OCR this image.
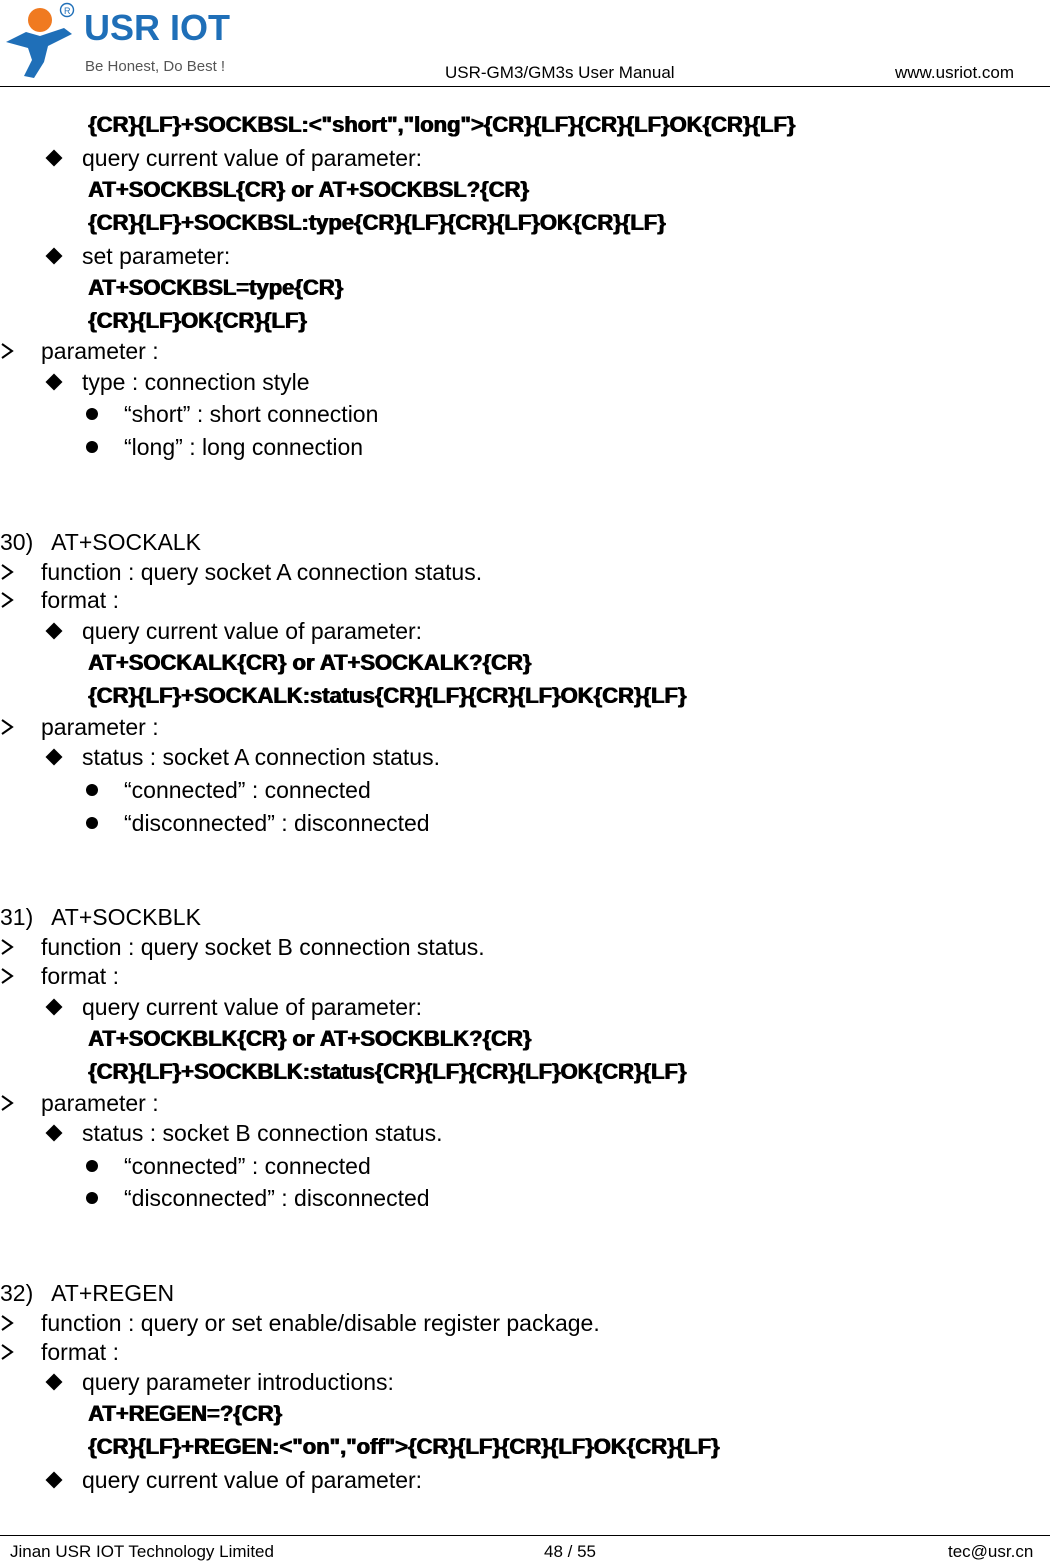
USR IOT
R
Be Honest, Do Best !	USR-GM3/GM3s User Manual	www.usriot.com
{CR}{LF}+SOCKBSL:<"short","long">{CR}{LF}{CR}{LF}OK{CR}{LF}
query current value of parameter:
AT+SOCKBSL{CR} or AT+SOCKBSL?{CR}
{CR}{LF}+SOCKBSL:type{CR}{LF}{CR}{LF}OK{CR}{LF}
set parameter:
AT+SOCKBSL=type{CR}
{CR}{LF}OK{CR}{LF}
parameter :
type : connection style
“short” : short connection
“long” : long connection
30)   AT+SOCKALK
function : query socket A connection status.
format :
query current value of parameter:
AT+SOCKALK{CR} or AT+SOCKALK?{CR}
{CR}{LF}+SOCKALK:status{CR}{LF}{CR}{LF}OK{CR}{LF}
parameter :
status : socket A connection status.
“connected” : connected
“disconnected” : disconnected
31)   AT+SOCKBLK
function : query socket B connection status.
format :
query current value of parameter:
AT+SOCKBLK{CR} or AT+SOCKBLK?{CR}
{CR}{LF}+SOCKBLK:status{CR}{LF}{CR}{LF}OK{CR}{LF}
parameter :
status : socket B connection status.
“connected” : connected
“disconnected” : disconnected
32)   AT+REGEN
function : query or set enable/disable register package.
format :
query parameter introductions:
AT+REGEN=?{CR}
{CR}{LF}+REGEN:<"on","off">{CR}{LF}{CR}{LF}OK{CR}{LF}
query current value of parameter:
Jinan USR IOT Technology Limited	48 / 55	tec@usr.cn
